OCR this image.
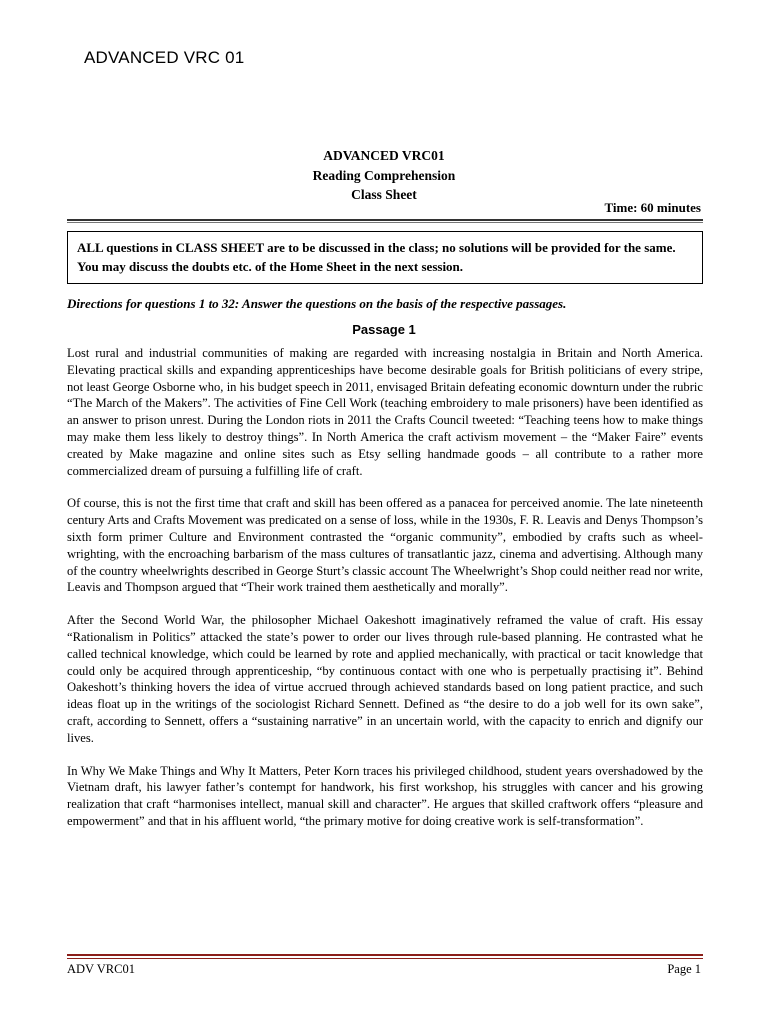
ADVANCED VRC 01
ADVANCED VRC01
Reading Comprehension
Class Sheet
Time: 60 minutes
ALL questions in CLASS SHEET are to be discussed in the class; no solutions will be provided for the same. You may discuss the doubts etc. of the Home Sheet in the next session.
Directions for questions 1 to 32: Answer the questions on the basis of the respective passages.
Passage 1

Lost rural and industrial communities of making are regarded with increasing nostalgia in Britain and North America. Elevating practical skills and expanding apprenticeships have become desirable goals for British politicians of every stripe, not least George Osborne who, in his budget speech in 2011, envisaged Britain defeating economic downturn under the rubric “The March of the Makers”. The activities of Fine Cell Work (teaching embroidery to male prisoners) have been identified as an answer to prison unrest. During the London riots in 2011 the Crafts Council tweeted: “Teaching teens how to make things may make them less likely to destroy things”. In North America the craft activism movement – the “Maker Faire” events created by Make magazine and online sites such as Etsy selling handmade goods – all contribute to a rather more commercialized dream of pursuing a fulfilling life of craft.

Of course, this is not the first time that craft and skill has been offered as a panacea for perceived anomie. The late nineteenth century Arts and Crafts Movement was predicated on a sense of loss, while in the 1930s, F. R. Leavis and Denys Thompson’s sixth form primer Culture and Environment contrasted the “organic community”, embodied by crafts such as wheel-wrighting, with the encroaching barbarism of the mass cultures of transatlantic jazz, cinema and advertising. Although many of the country wheelwrights described in George Sturt’s classic account The Wheelwright’s Shop could neither read nor write, Leavis and Thompson argued that “Their work trained them aesthetically and morally”.

After the Second World War, the philosopher Michael Oakeshott imaginatively reframed the value of craft. His essay “Rationalism in Politics” attacked the state’s power to order our lives through rule-based planning. He contrasted what he called technical knowledge, which could be learned by rote and applied mechanically, with practical or tacit knowledge that could only be acquired through apprenticeship, “by continuous contact with one who is perpetually practising it”. Behind Oakeshott’s thinking hovers the idea of virtue accrued through achieved standards based on long patient practice, and such ideas float up in the writings of the sociologist Richard Sennett. Defined as “the desire to do a job well for its own sake”, craft, according to Sennett, offers a “sustaining narrative” in an uncertain world, with the capacity to enrich and dignify our lives.

In Why We Make Things and Why It Matters, Peter Korn traces his privileged childhood, student years overshadowed by the Vietnam draft, his lawyer father’s contempt for handwork, his first workshop, his struggles with cancer and his growing realization that craft “harmonises intellect, manual skill and character”. He argues that skilled craftwork offers “pleasure and empowerment” and that in his affluent world, “the primary motive for doing creative work is self-transformation”.

ADV VRC01	Page 1
